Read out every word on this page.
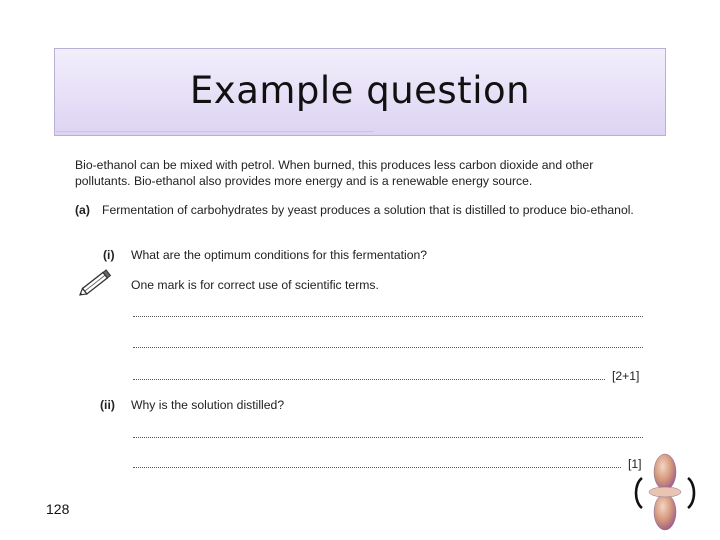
Example question
Bio-ethanol can be mixed with petrol. When burned, this produces less carbon dioxide and other pollutants. Bio-ethanol also provides more energy and is a renewable energy source.
(a) Fermentation of carbohydrates by yeast produces a solution that is distilled to produce bio-ethanol.
(i) What are the optimum conditions for this fermentation?
One mark is for correct use of scientific terms.
[2+1]
(ii) Why is the solution distilled?
[1]
128
